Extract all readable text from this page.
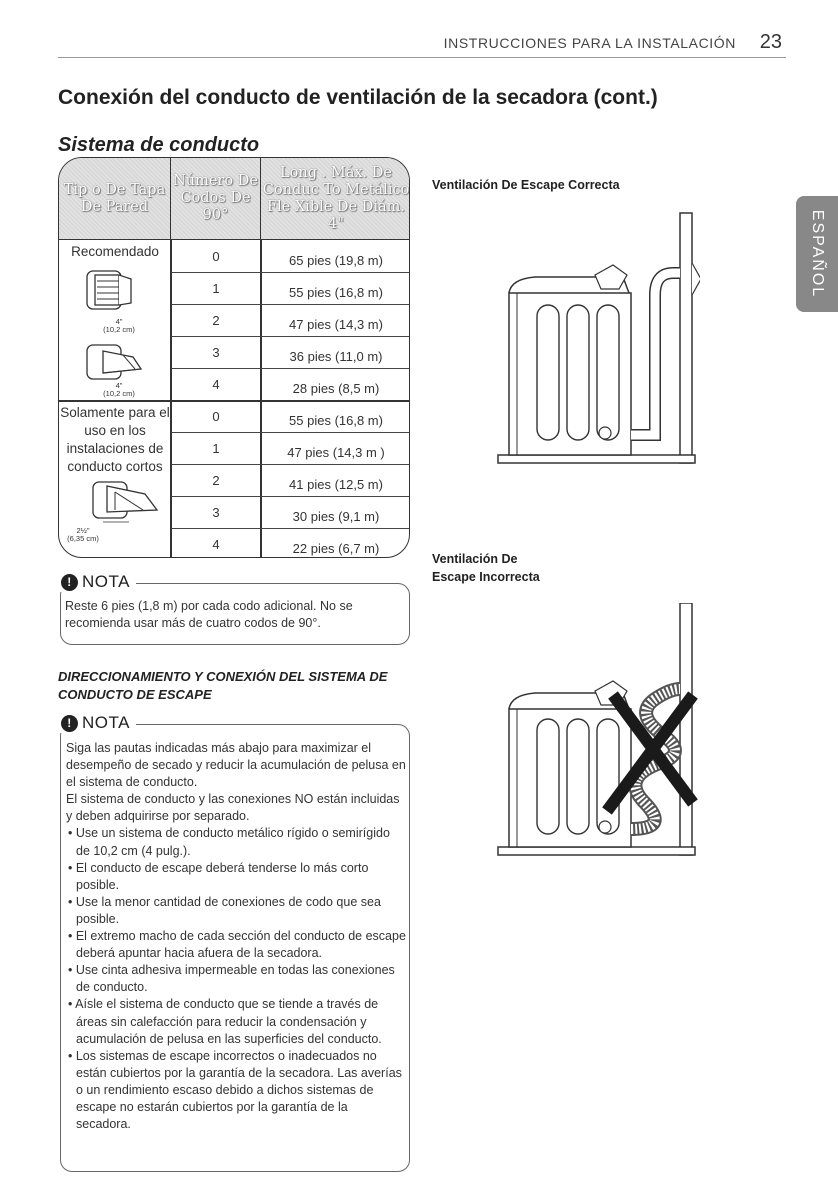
INSTRUCCIONES PARA LA INSTALACIÓN 23
ESPAÑOL
Conexión del conducto de ventilación de la secadora (cont.)
Sistema de conducto
Tip o De Tapa De Pared
Número De Codos De 90°
Long . Máx. De Conduc To Metálico Fle Xible De Diám. 4"
Recomendado
Solamente para el uso en los instalaciones de conducto cortos
4"
(10,2 cm)
4"
(10,2 cm)
2½"
(6,35 cm)
0	65 pies (19,8 m)
1	55 pies (16,8 m)
2	47 pies (14,3 m)
3	36 pies (11,0 m)
4	28 pies (8,5 m)
0	55 pies (16,8 m)
1	47 pies (14,3 m )
2	41 pies (12,5 m)
3	30 pies (9,1 m)
4	22 pies (6,7 m)
! NOTA
Reste 6 pies (1,8 m) por cada codo adicional. No se recomienda usar más de cuatro codos de 90°.
DIRECCIONAMIENTO Y CONEXIÓN DEL SISTEMA DE CONDUCTO DE ESCAPE
! NOTA

Siga las pautas indicadas más abajo para maximizar el desempeño de secado y reducir la acumulación de pelusa en el sistema de conducto.

El sistema de conducto y las conexiones NO están incluidas y deben adquirirse por separado.

• Use un sistema de conducto metálico rígido o semirígido de 10,2 cm (4 pulg.).

• El conducto de escape deberá tenderse lo más corto posible.

• Use la menor cantidad de conexiones de codo que sea posible.

• El extremo macho de cada sección del conducto de escape deberá apuntar hacia afuera de la secadora.

• Use cinta adhesiva impermeable en todas las conexiones de conducto.

• Aísle el sistema de conducto que se tiende a través de áreas sin calefacción para reducir la condensación y acumulación de pelusa en las superficies del conducto.

• Los sistemas de escape incorrectos o inadecuados no están cubiertos por la garantía de la secadora. Las averías o un rendimiento escaso debido a dichos sistemas de escape no estarán cubiertos por la garantía de la secadora.

Ventilación De Escape Correcta
Ventilación De
Escape Incorrecta
